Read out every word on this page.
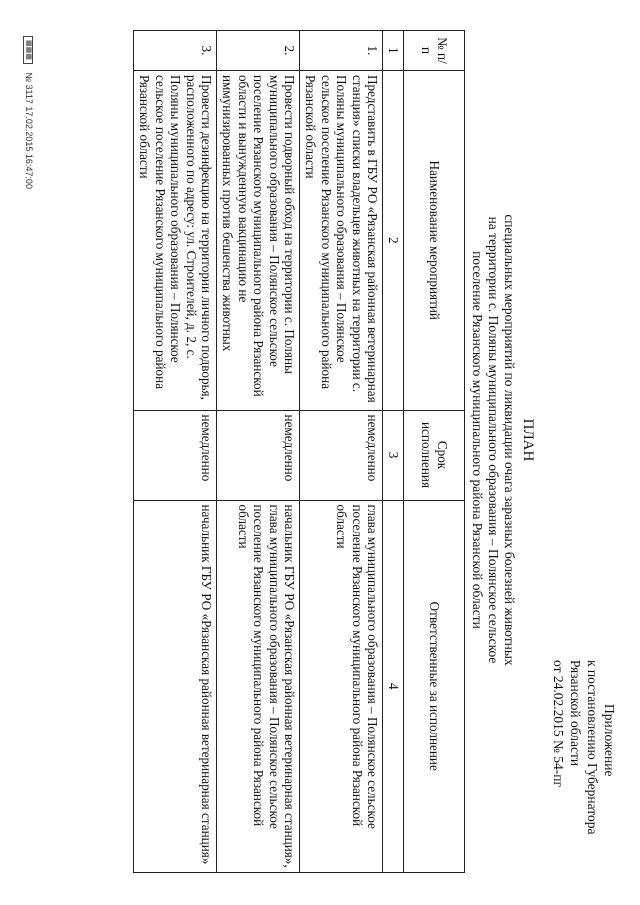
Приложение
к постановлению Губернатора
Рязанской области
от 24.02.2015 № 54-пг
ПЛАН
специальных мероприятий по ликвидации очага заразных болезней животных
на территории с. Поляны муниципального образования – Полянское сельское
поселение Рязанского муниципального района Рязанской области
№ п/п	Наименование мероприятий	Срок исполнения	Ответственные за исполнение
1	2	3	4
1.	Представить в ГБУ РО «Рязанская районная ветеринарная станция» списки владельцев животных на территории с. Поляны муниципального образования – Полянское сельское поселение Рязанского муниципального района Рязанской области	немедленно	глава муниципального образования – Полянское сельское поселение Рязанского муниципального района Рязанской области
2.	Провести подворный обход на территории с. Поляны муниципального образования – Полянское сельское поселение Рязанского муниципального района Рязанской области и вынужденную вакцинацию не иммунизированных против бешенства животных	немедленно	начальник ГБУ РО «Рязанская районная ветеринарная станция», глава муниципального образования – Полянское сельское поселение Рязанского муниципального района Рязанской области
3.	Провести дезинфекцию на территории личного подворья, расположенного по адресу: ул. Строителей, д. 2, с. Поляны муниципального образования – Полянское сельское поселение Рязанского муниципального района Рязанской области	немедленно	начальник ГБУ РО «Рязанская районная ветеринарная станция»
▦▦▦ № 3117 17.02.2015 16:47:00
